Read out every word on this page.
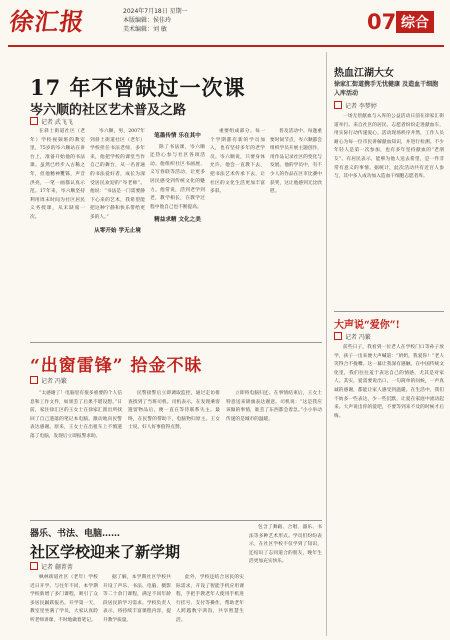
徐汇报	2024年7月18日 星期一
本版编辑：侯佳玲
美术编辑：刘 敏	07 综合
17 年不曾缺过一次课
岑六顺的社区艺术普及之路
记者 武飞飞

在斜土街道社区（老年）学校视频班的教室里，75岁的岑六顺站在讲台上，准备开始他的书法课。虽然已经步入古稀之年，但他精神矍铄，声音洪亮，一笔一画都认真示范。17年来，岑六顺坚持利用周末时间为社区居民义务授课，从未缺席一次。

岑六顺，男，2007年到斜土街道社区（老年）学校担任书法老师，多年来，他把学校的课堂当作自己的舞台，从一名普通的书法爱好者，成长为深受居民欢迎的“岑老师”。他说：“书法是一门需要静下心来的艺术，我希望能把这种宁静和快乐带给更多的人。”

从零开始 学无止境
笔墨传情 乐在其中

除了书法课，岑六顺还热心参与社区各项活动。他组织社区书画展、义写春联等活动，让更多居民感受到传统文化的魅力。他常说，活到老学到老，教学相长，在教学过程中他自己也不断提高。

精益求精 文化之美

重要组成部分。每一个学期都有新的学员加入，也有坚持多年的老学员。岑六顺说，只要身体允许，他会一直教下去，把书法艺术传承下去，让社区的文化生活更加丰富多彩。

普及活动中。每逢重要时间节点，岑六顺都会组织学员开展主题创作，用作品记录社区的变化与发展。他的学员中，有不少人的作品在区市比赛中获奖，这让他感到无比欣慰。

“出窗雷锋” 拾金不昧
记者 冯繁

“太感谢了！电脑里有很多重要的个人信息和工作文件，如果丢了后果不堪设想。”日前，家住徐汇区的王女士在徐家汇派出所找回了自己遗落的笔记本电脑，激动地向民警表达感谢。原来，王女士在出租车上不慎遗落了电脑，发现后立即报警求助。

民警接警后立即调取监控，通过走访排查找到了当班司机。司机表示，在发现乘客遗留物品后，便一直在等待联系失主。最终，在民警的帮助下，电脑物归原主。王女士说，好人好事值得点赞。

立即将电脑归还。在事情结束后，王女士特意送来锦旗表达谢意。司机说：“这是我应该做的事情，谁丢了东西都会着急。”小小举动传递的是城市的温暖。

器乐、书法、电脑……
社区学校迎来了新学期
记者 蒯菁菁

枫林街道社区（老年）学校近日开学。与往年不同，本学期学校新增了多门课程，吸引了众多居民踊跃报名。开学第一天，教室里坐满了学员，大家认真聆听老师讲课，不时地做着笔记。

据了解，本学期社区学校共开设了声乐、书法、电脑、摄影等二十余门课程，满足不同年龄段居民的学习需求。学校负责人表示，将持续丰富课程内容，提升教学质量。

此外，学校还结合居民的实际需求，开设了智能手机应用课程，手把手教老年人使用手机进行挂号、支付等操作，帮助老年人跨越数字鸿沟，共享智慧生活。

包含了舞蹈、合唱、器乐、书法等多种艺术形式。学员们纷纷表示，在社区学校不仅学到了知识，还结识了志同道合的朋友，晚年生活更加充实快乐。

热血江湖大女
徐家汇街道携手无忧健康 及造血干细胞入库活动
记者 李梦婷

一场无偿献血与入库的公益活动日前在徐家汇街道举行。来自社区的居民、志愿者纷纷走进献血车，用实际行动传递爱心。活动现场秩序井然，工作人员耐心为每一位市民讲解献血知识，并进行检测。不少年轻人是第一次参加，也有多年坚持献血的“老朋友”。有居民表示，能够为他人送去希望，是一件非常有意义的事情。据统计，此次活动共有近百人参与，其中多人成功加入造血干细胞志愿者库。

大声说“爱你”!
记者 冯繁

前些日子，我看到一位老人在学校门口等孙子放学，孩子一出来便大声喊道：“奶奶，我爱你！”老人笑得合不拢嘴。这一幕让我深有感触。在中国传统文化里，我们往往羞于表达自己的情感，尤其是对家人。其实，爱需要说出口，一句简单的问候，一声真诚的感谢，都能让家人感受到温暖。在生活中，我们不妨多一些表达，少一些沉默，让爱在家庭中流动起来。大声说出你的爱吧，不要等到来不及的时候才后悔。
